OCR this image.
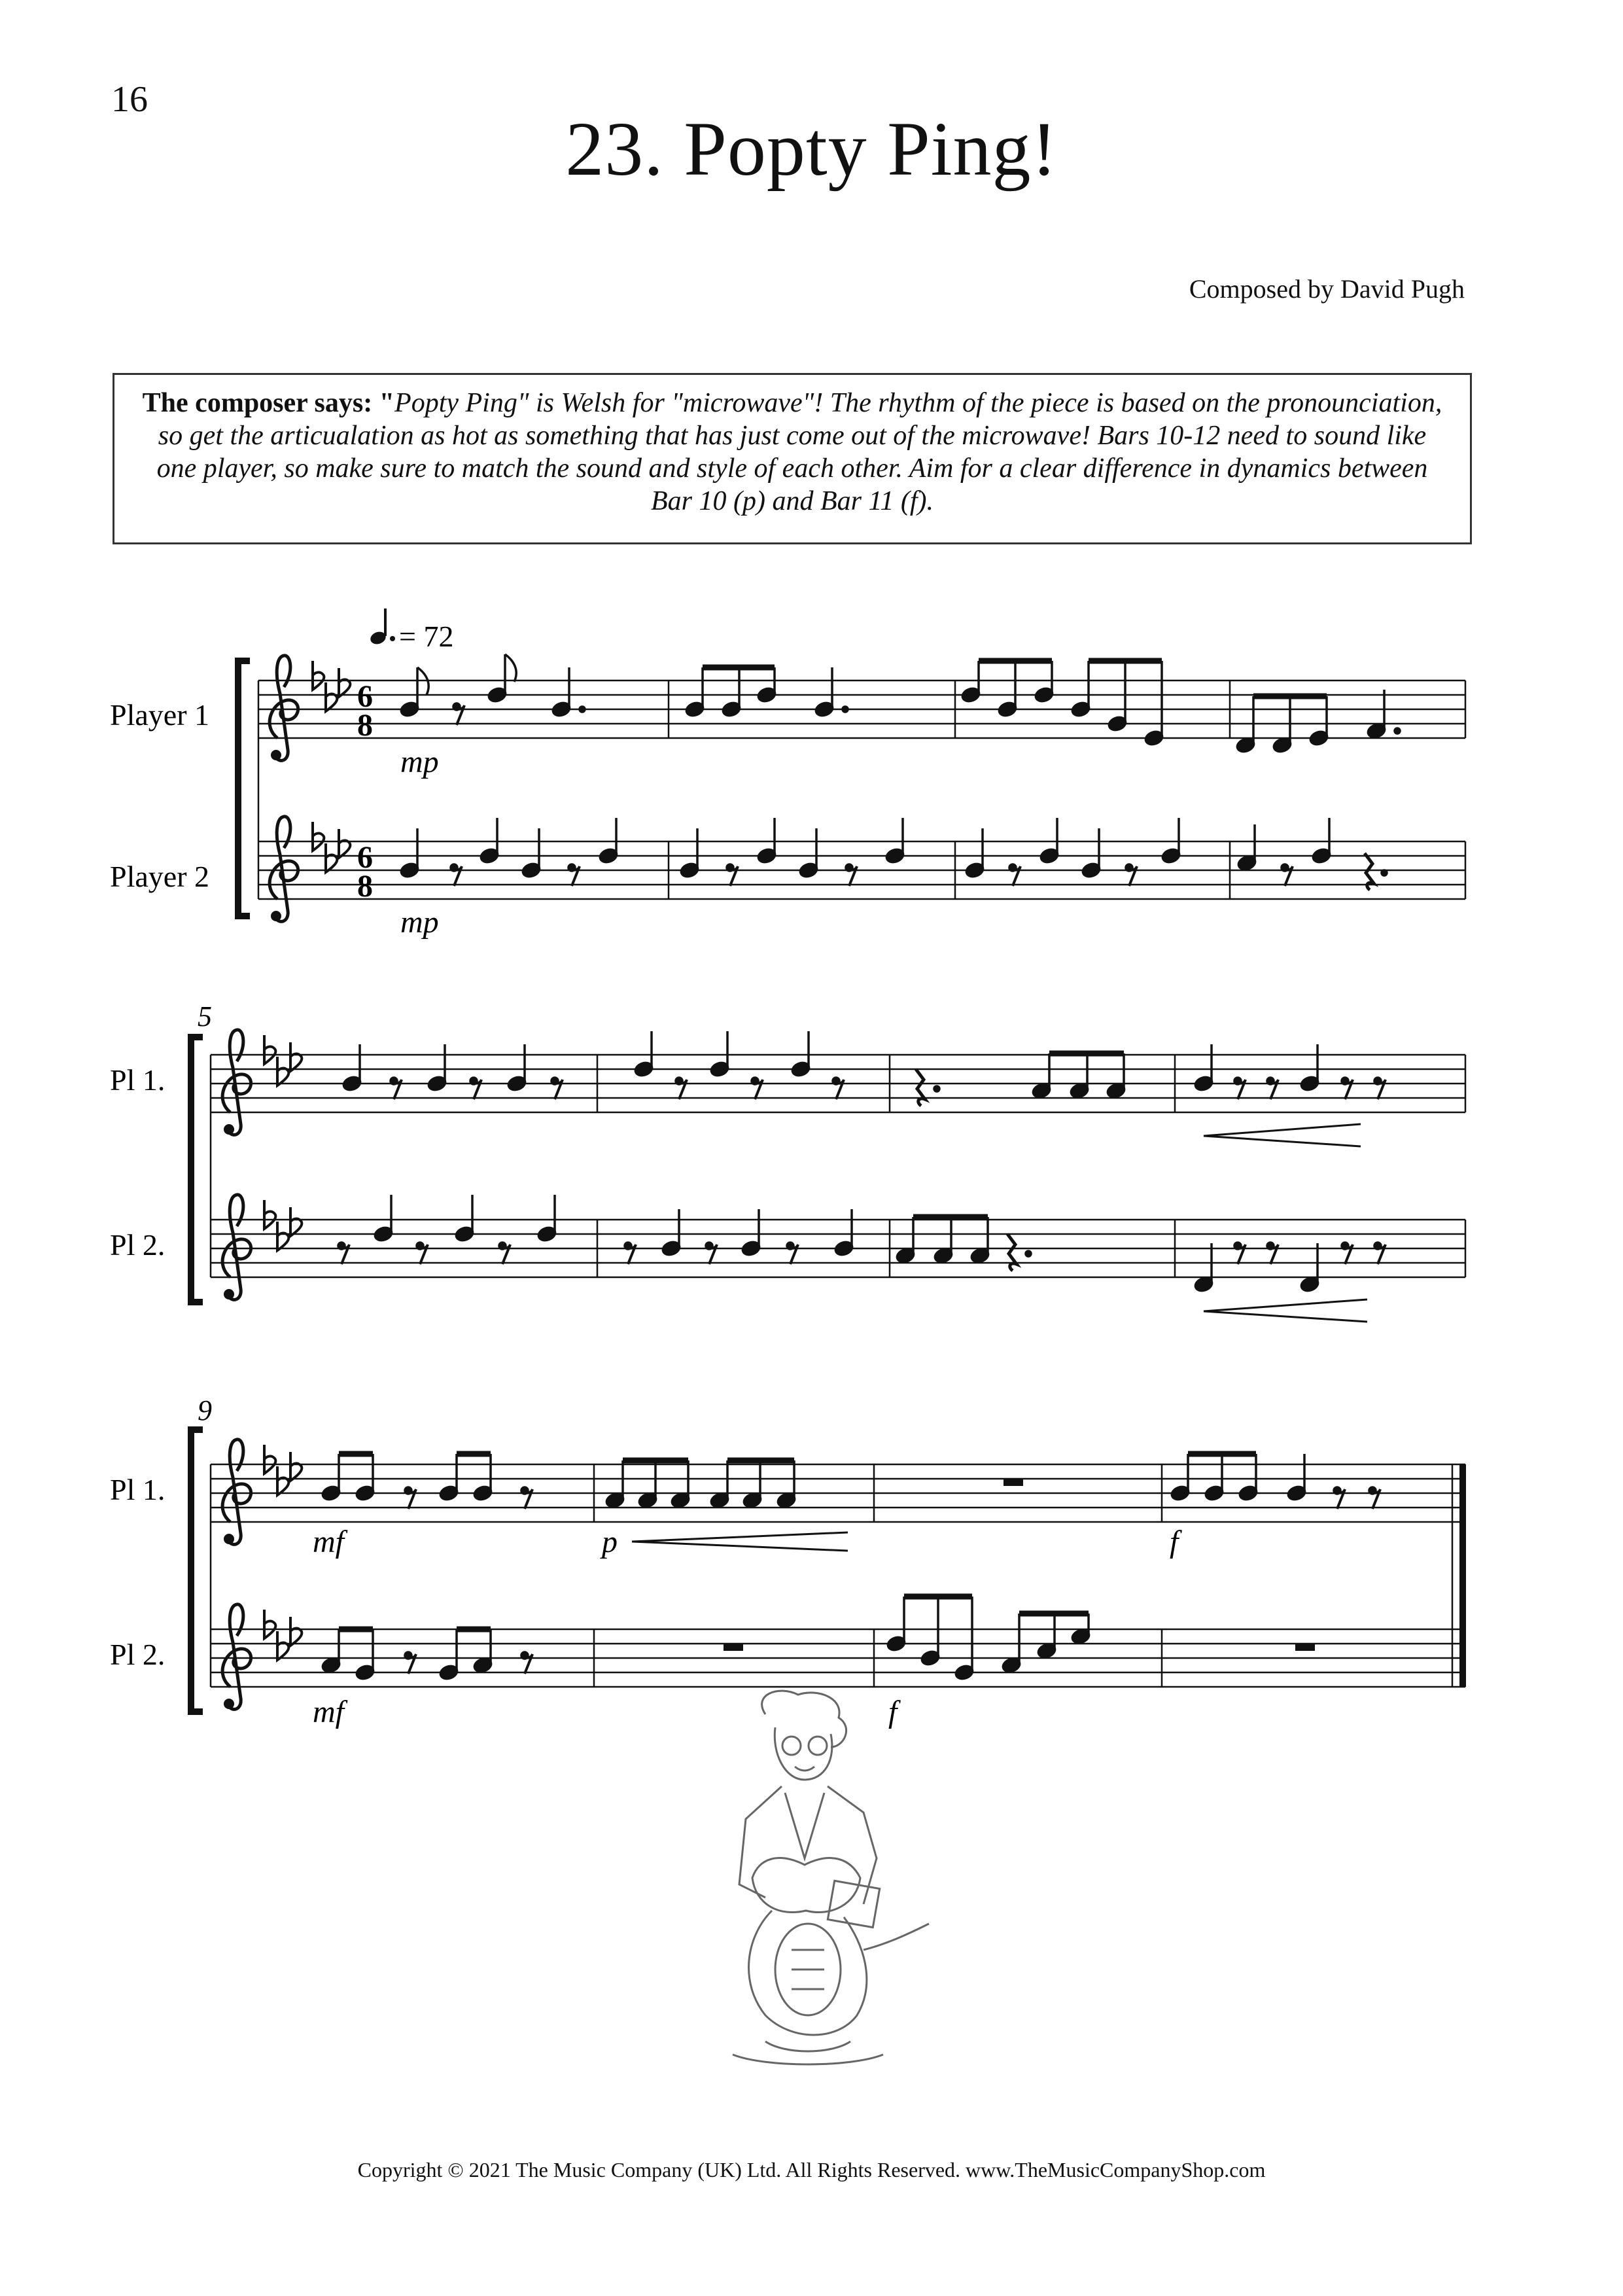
16
23. Popty Ping!
Composed by David Pugh
The composer says: "Popty Ping" is Welsh for "microwave"! The rhythm of the piece is based on the pronounciation, so get the articualation as hot as something that has just come out of the microwave! Bars 10-12 need to sound like one player, so make sure to match the sound and style of each other. Aim for a clear difference in dynamics between Bar 10 (p) and Bar 11 (f).
= 72
Player 1
Player 2
6
8
6
8
mp
mp
5
Pl 1.
Pl 2.
9
Pl 1.
Pl 2.
mf	p	f
mf	f
Copyright © 2021 The Music Company (UK) Ltd. All Rights Reserved. www.TheMusicCompanyShop.com
